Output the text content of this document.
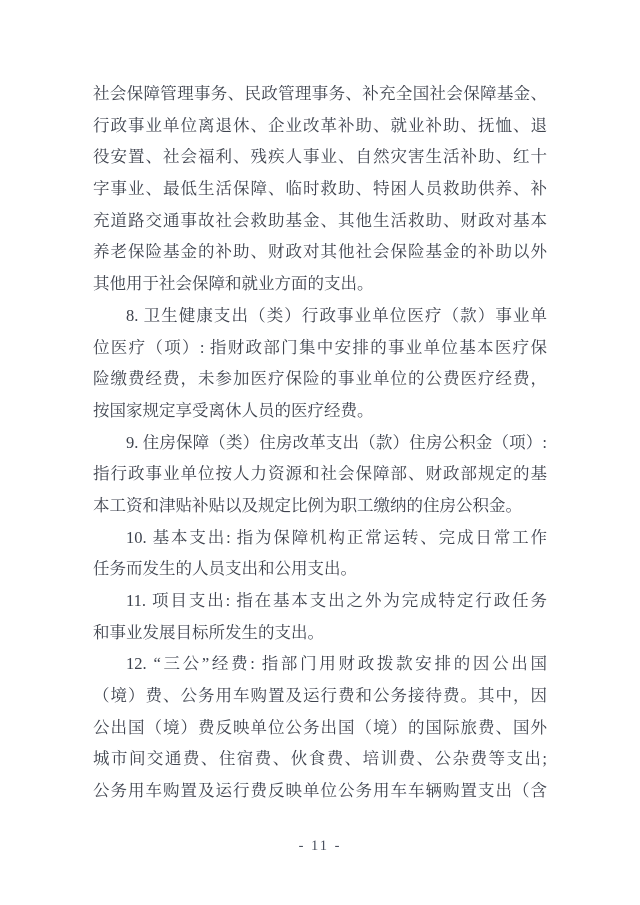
社会保障管理事务、民政管理事务、补充全国社会保障基金、
行政事业单位离退休、企业改革补助、就业补助、抚恤、退
役安置、社会福利、残疾人事业、自然灾害生活补助、红十
字事业、最低生活保障、临时救助、特困人员救助供养、补
充道路交通事故社会救助基金、其他生活救助、财政对基本
养老保险基金的补助、财政对其他社会保险基金的补助以外
其他用于社会保障和就业方面的支出。
8. 卫生健康支出（类）行政事业单位医疗（款）事业单
位医疗（项）: 指财政部门集中安排的事业单位基本医疗保
险缴费经费，未参加医疗保险的事业单位的公费医疗经费，
按国家规定享受离休人员的医疗经费。
9. 住房保障（类）住房改革支出（款）住房公积金（项）:
指行政事业单位按人力资源和社会保障部、财政部规定的基
本工资和津贴补贴以及规定比例为职工缴纳的住房公积金。
10. 基本支出: 指为保障机构正常运转、完成日常工作
任务而发生的人员支出和公用支出。
11. 项目支出: 指在基本支出之外为完成特定行政任务
和事业发展目标所发生的支出。
12. “三公”经费: 指部门用财政拨款安排的因公出国
（境）费、公务用车购置及运行费和公务接待费。其中，因
公出国（境）费反映单位公务出国（境）的国际旅费、国外
城市间交通费、住宿费、伙食费、培训费、公杂费等支出;
公务用车购置及运行费反映单位公务用车车辆购置支出（含
- 11 -
